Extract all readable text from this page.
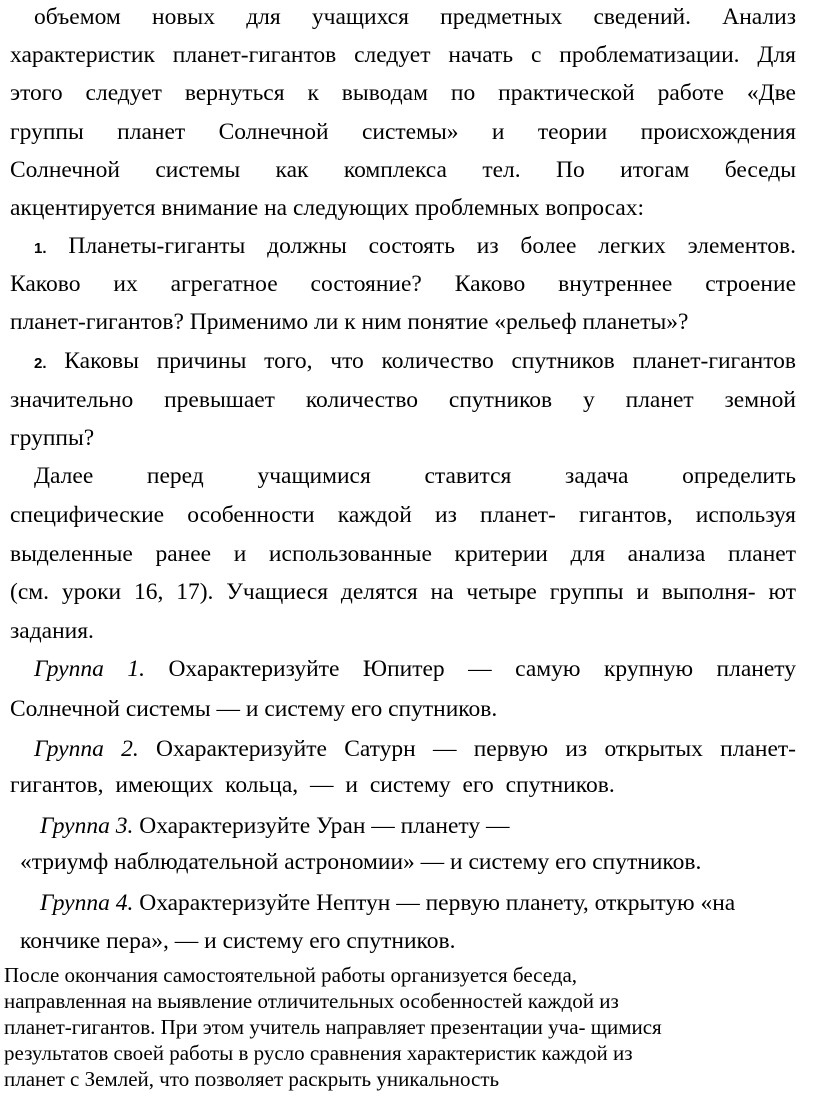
объемом новых для учащихся предметных сведений. Анализ
характеристик планет-гигантов следует начать с проблематизации. Для
этого следует вернуться к выводам по практической работе «Две
группы планет Солнечной системы» и теории происхождения
Солнечной системы как комплекса тел. По итогам беседы
акцентируется внимание на следующих проблемных вопросах:
1. Планеты-гиганты должны состоять из более легких элементов.
Каково их агрегатное состояние? Каково внутреннее строение
планет-гигантов? Применимо ли к ним понятие «рельеф планеты»?
2. Каковы причины того, что количество спутников планет-гигантов
значительно превышает количество спутников у планет земной
группы?
Далее перед учащимися ставится задача определить
специфические особенности каждой из планет- гигантов, используя
выделенные ранее и использованные критерии для анализа планет
(см. уроки 16, 17). Учащиеся делятся на четыре группы и выполня- ют
задания.
Группа 1. Охарактеризуйте Юпитер — самую крупную планету
Солнечной системы — и систему его спутников.
Группа 2. Охарактеризуйте Сатурн — первую из открытых планет-
гигантов, имеющих кольца, — и систему его спутников.
Группа 3. Охарактеризуйте Уран — планету —
«триумф наблюдательной астрономии» — и систему его спутников.
Группа 4. Охарактеризуйте Нептун — первую планету, открытую «на
кончике пера», — и систему его спутников.
После окончания самостоятельной работы организуется беседа,
направленная на выявление отличительных особенностей каждой из
планет-гигантов. При этом учитель направляет презентации уча- щимися
результатов своей работы в русло сравнения характеристик каждой из
планет с Землей, что позволяет раскрыть уникальность
